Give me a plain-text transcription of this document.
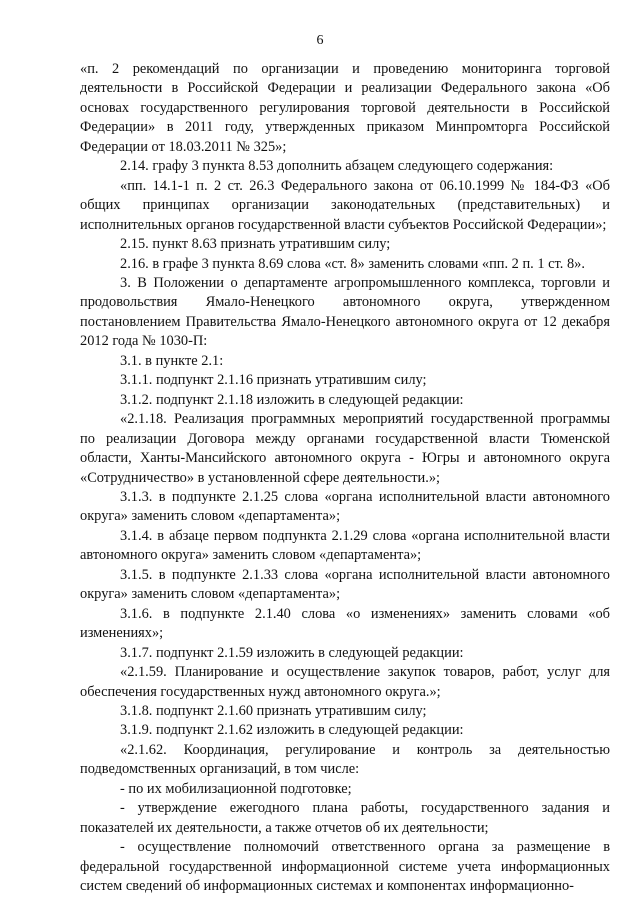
6

«п. 2 рекомендаций по организации и проведению мониторинга торговой деятельности в Российской Федерации и реализации Федерального закона «Об основах государственного регулирования торговой деятельности в Российской Федерации» в 2011 году, утвержденных приказом Минпромторга Российской Федерации от 18.03.2011 № 325»;

2.14. графу 3 пункта 8.53 дополнить абзацем следующего содержания:

«пп. 14.1-1 п. 2 ст. 26.3 Федерального закона от 06.10.1999 № 184-ФЗ «Об общих принципах организации законодательных (представительных) и исполнительных органов государственной власти субъектов Российской Федерации»;

2.15. пункт 8.63 признать утратившим силу;

2.16. в графе 3 пункта 8.69 слова «ст. 8» заменить словами «пп. 2 п. 1 ст. 8».

3. В Положении о департаменте агропромышленного комплекса, торговли и продовольствия Ямало-Ненецкого автономного округа, утвержденном постановлением Правительства Ямало-Ненецкого автономного округа от 12 декабря 2012 года № 1030-П:

3.1. в пункте 2.1:

3.1.1. подпункт 2.1.16 признать утратившим силу;

3.1.2. подпункт 2.1.18 изложить в следующей редакции:

«2.1.18. Реализация программных мероприятий государственной программы по реализации Договора между органами государственной власти Тюменской области, Ханты-Мансийского автономного округа - Югры и автономного округа «Сотрудничество» в установленной сфере деятельности.»;

3.1.3. в подпункте 2.1.25 слова «органа исполнительной власти автономного округа» заменить словом «департамента»;

3.1.4. в абзаце первом подпункта 2.1.29 слова «органа исполнительной власти автономного округа» заменить словом «департамента»;

3.1.5. в подпункте 2.1.33 слова «органа исполнительной власти автономного округа» заменить словом «департамента»;

3.1.6. в подпункте 2.1.40 слова «о изменениях» заменить словами «об изменениях»;

3.1.7. подпункт 2.1.59 изложить в следующей редакции:

«2.1.59. Планирование и осуществление закупок товаров, работ, услуг для обеспечения государственных нужд автономного округа.»;

3.1.8. подпункт 2.1.60 признать утратившим силу;

3.1.9. подпункт 2.1.62 изложить в следующей редакции:

«2.1.62. Координация, регулирование и контроль за деятельностью подведомственных организаций, в том числе:

- по их мобилизационной подготовке;

- утверждение ежегодного плана работы, государственного задания и показателей их деятельности, а также отчетов об их деятельности;

- осуществление полномочий ответственного органа за размещение в федеральной государственной информационной системе учета информационных систем сведений об информационных системах и компонентах информационно-
